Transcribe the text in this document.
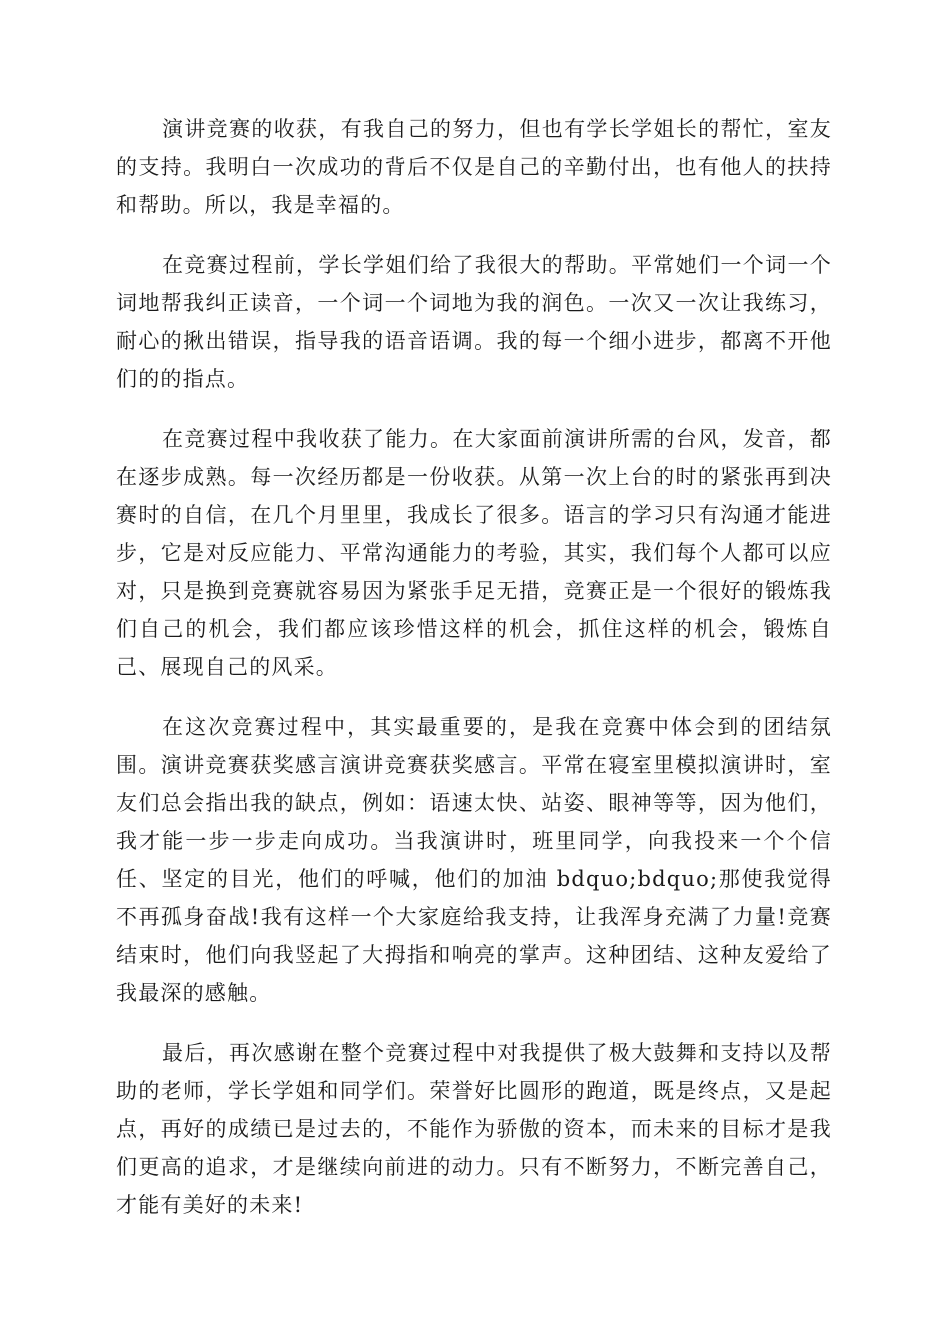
演讲竞赛的收获，有我自己的努力，但也有学长学姐长的帮忙，室友的支持。我明白一次成功的背后不仅是自己的辛勤付出，也有他人的扶持和帮助。所以，我是幸福的。

在竞赛过程前，学长学姐们给了我很大的帮助。平常她们一个词一个词地帮我纠正读音，一个词一个词地为我的润色。一次又一次让我练习，耐心的揪出错误，指导我的语音语调。我的每一个细小进步，都离不开他们的的指点。

在竞赛过程中我收获了能力。在大家面前演讲所需的台风，发音，都在逐步成熟。每一次经历都是一份收获。从第一次上台的时的紧张再到决赛时的自信，在几个月里里，我成长了很多。语言的学习只有沟通才能进步，它是对反应能力、平常沟通能力的考验，其实，我们每个人都可以应对，只是换到竞赛就容易因为紧张手足无措，竞赛正是一个很好的锻炼我们自己的机会，我们都应该珍惜这样的机会，抓住这样的机会，锻炼自己、展现自己的风采。

在这次竞赛过程中，其实最重要的，是我在竞赛中体会到的团结氛围。演讲竞赛获奖感言演讲竞赛获奖感言。平常在寝室里模拟演讲时，室友们总会指出我的缺点，例如：语速太快、站姿、眼神等等，因为他们，我才能一步一步走向成功。当我演讲时，班里同学，向我投来一个个信任、坚定的目光，他们的呼喊，他们的加油 bdquo;bdquo;那使我觉得不再孤身奋战!我有这样一个大家庭给我支持，让我浑身充满了力量!竞赛结束时，他们向我竖起了大拇指和响亮的掌声。这种团结、这种友爱给了我最深的感触。

最后，再次感谢在整个竞赛过程中对我提供了极大鼓舞和支持以及帮助的老师，学长学姐和同学们。荣誉好比圆形的跑道，既是终点，又是起点，再好的成绩已是过去的，不能作为骄傲的资本，而未来的目标才是我们更高的追求，才是继续向前进的动力。只有不断努力，不断完善自己，才能有美好的未来!
